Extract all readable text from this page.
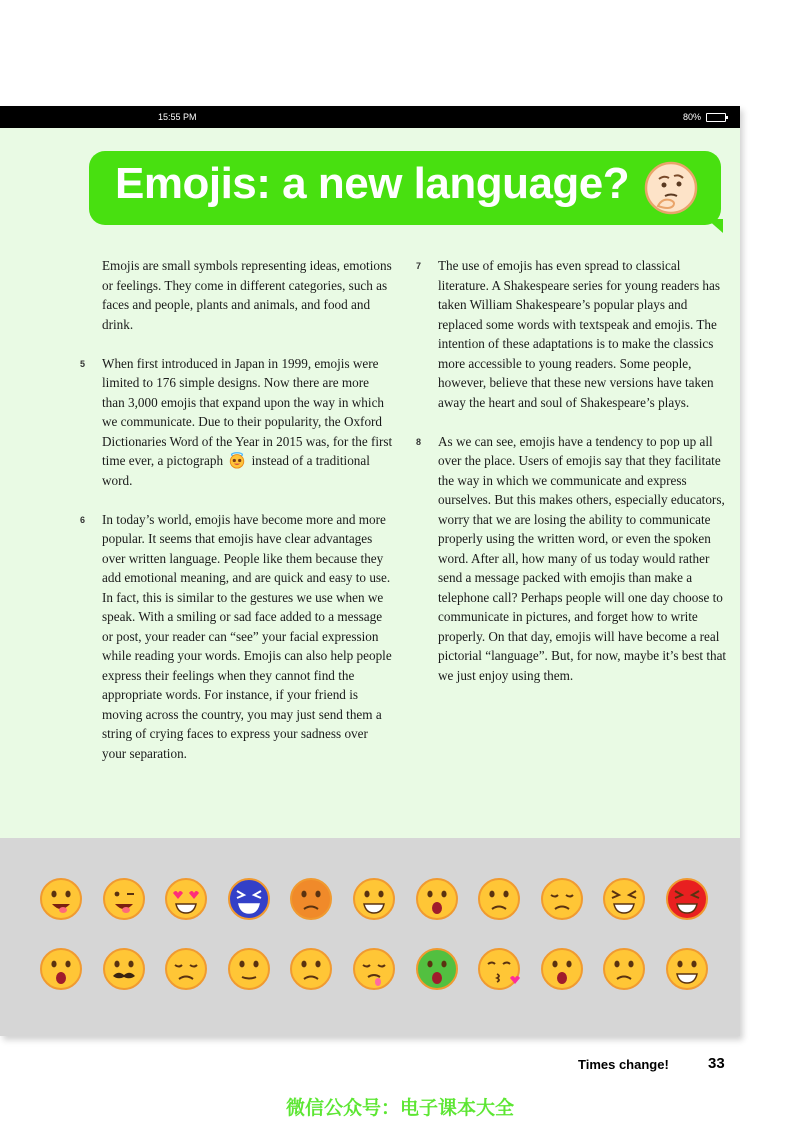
15:55 PM	80%
Emojis: a new language?

Emojis are small symbols representing ideas, emotions or feelings. They come in different categories, such as faces and people, plants and animals, and food and drink.

5 When first introduced in Japan in 1999, emojis were limited to 176 simple designs. Now there are more than 3,000 emojis that expand upon the way in which we communicate. Due to their popularity, the Oxford Dictionaries Word of the Year in 2015 was, for the first time ever, a pictograph instead of a traditional word.

6 In today’s world, emojis have become more and more popular. It seems that emojis have clear advantages over written language. People like them because they add emotional meaning, and are quick and easy to use. In fact, this is similar to the gestures we use when we speak. With a smiling or sad face added to a message or post, your reader can “see” your facial expression while reading your words. Emojis can also help people express their feelings when they cannot find the appropriate words. For instance, if your friend is moving across the country, you may just send them a string of crying faces to express your sadness over your separation.

7 The use of emojis has even spread to classical literature. A Shakespeare series for young readers has taken William Shakespeare’s popular plays and replaced some words with textspeak and emojis. The intention of these adaptations is to make the classics more accessible to young readers. Some people, however, believe that these new versions have taken away the heart and soul of Shakespeare’s plays.

8 As we can see, emojis have a tendency to pop up all over the place. Users of emojis say that they facilitate the way in which we communicate and express ourselves. But this makes others, especially educators, worry that we are losing the ability to communicate properly using the written word, or even the spoken word. After all, how many of us today would rather send a message packed with emojis than make a telephone call? Perhaps people will one day choose to communicate in pictures, and forget how to write properly. On that day, emojis will have become a real pictorial “language”. But, for now, maybe it’s best that we just enjoy using them.

Times change!	33
微信公众号：电子课本大全
